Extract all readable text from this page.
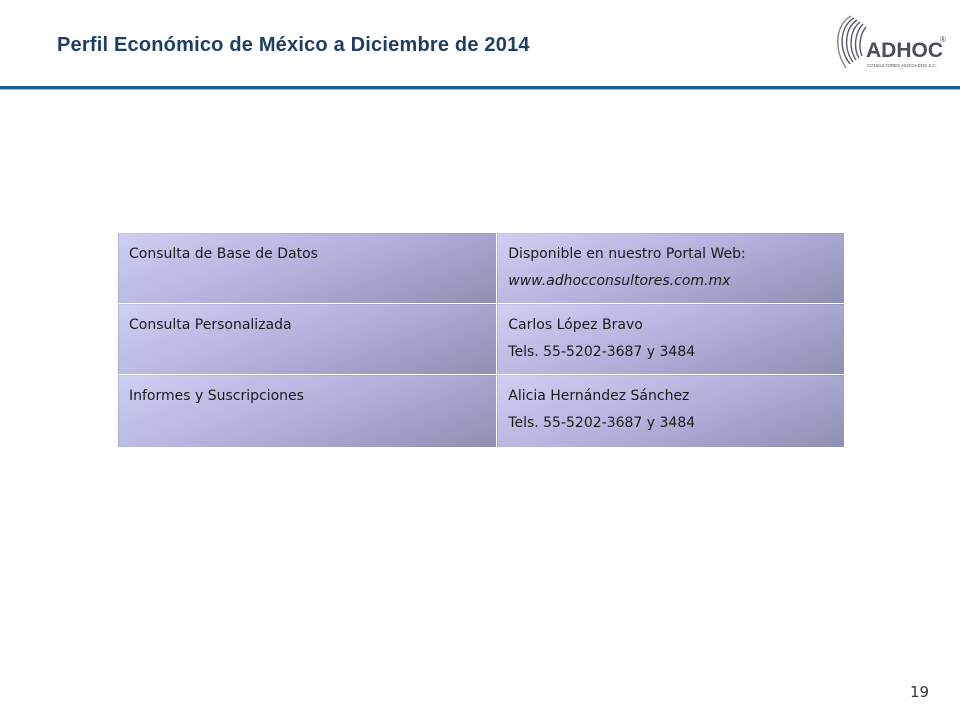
Perfil Económico de México a Diciembre de 2014	ADHOC
®
CONSULTORES ASOCIADOS S.C.
Consulta de Base de Datos	Disponible en nuestro Portal Web:
www.adhocconsultores.com.mx

Consulta Personalizada	Carlos López Bravo
Tels. 55-5202-3687 y 3484

Informes y Suscripciones	Alicia Hernández Sánchez
Tels. 55-5202-3687 y 3484
19
